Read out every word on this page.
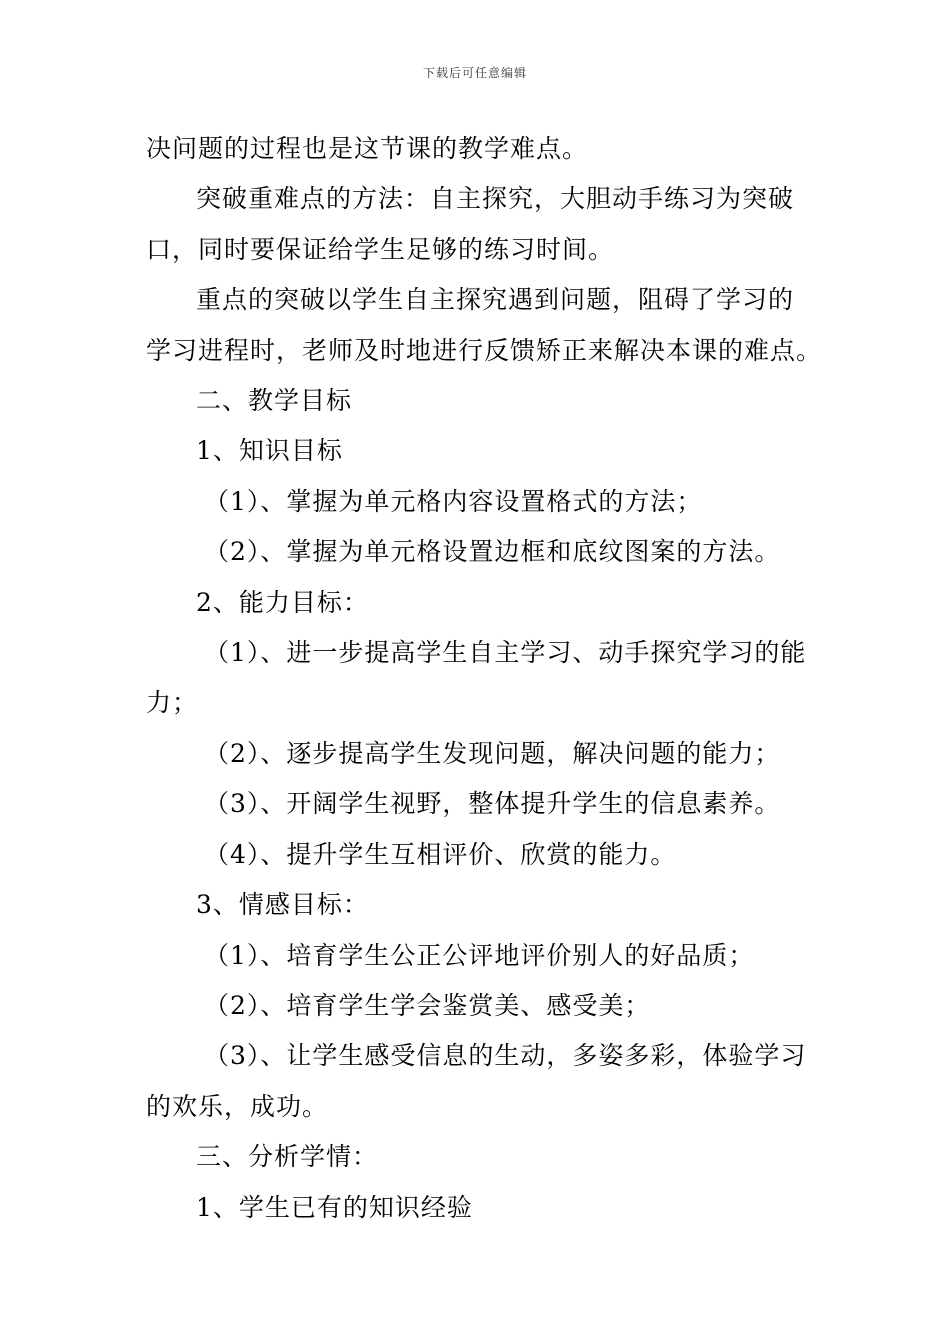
下载后可任意编辑

决问题的过程也是这节课的教学难点。

突破重难点的方法：自主探究，大胆动手练习为突破

口，同时要保证给学生足够的练习时间。

重点的突破以学生自主探究遇到问题，阻碍了学习的

学习进程时，老师及时地进行反馈矫正来解决本课的难点。

二、教学目标

1、知识目标

（1）、掌握为单元格内容设置格式的方法；

（2）、掌握为单元格设置边框和底纹图案的方法。

2、能力目标：

（1）、进一步提高学生自主学习、动手探究学习的能

力；

（2）、逐步提高学生发现问题，解决问题的能力；

（3）、开阔学生视野，整体提升学生的信息素养。

（4）、提升学生互相评价、欣赏的能力。

3、情感目标：

（1）、培育学生公正公评地评价别人的好品质；

（2）、培育学生学会鉴赏美、感受美；

（3）、让学生感受信息的生动，多姿多彩，体验学习

的欢乐，成功。

三、分析学情：

1、学生已有的知识经验
